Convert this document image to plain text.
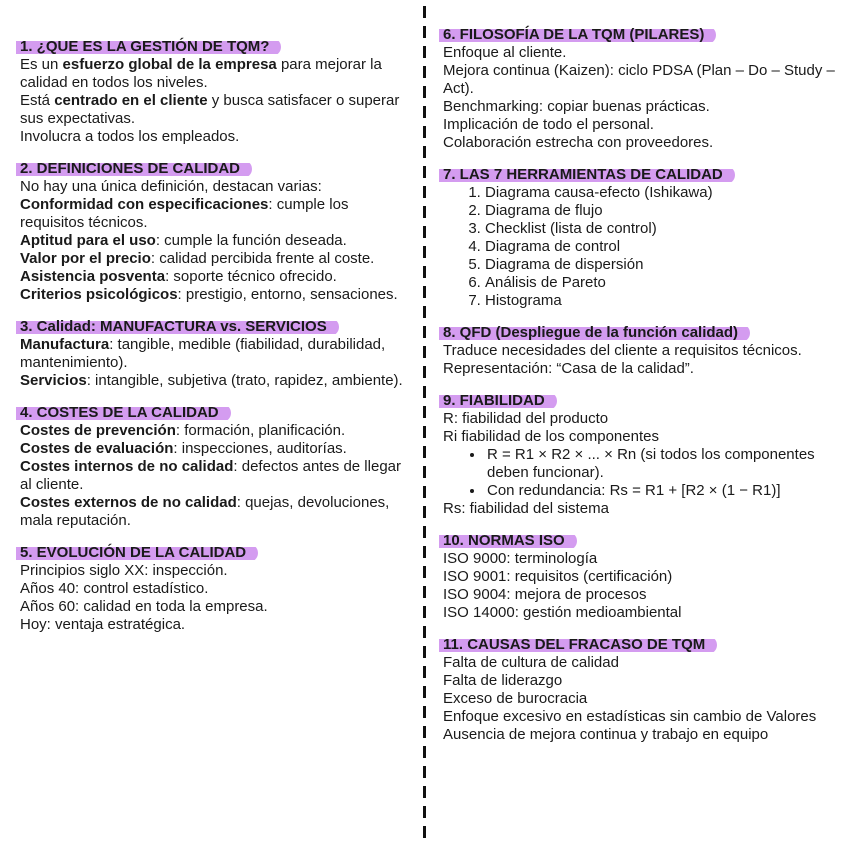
1. ¿QUE ES LA GESTIÓN DE TQM?

Es un esfuerzo global de la empresa para mejorar la calidad en todos los niveles.

Está centrado en el cliente y busca satisfacer o superar sus expectativas.

Involucra a todos los empleados.

2. DEFINICIONES DE CALIDAD

No hay una única definición, destacan varias:

Conformidad con especificaciones: cumple los requisitos técnicos.

Aptitud para el uso: cumple la función deseada.

Valor por el precio: calidad percibida frente al coste.

Asistencia posventa: soporte técnico ofrecido.

Criterios psicológicos: prestigio, entorno, sensaciones.

3. Calidad: MANUFACTURA vs. SERVICIOS

Manufactura: tangible, medible (fiabilidad, durabilidad, mantenimiento).

Servicios: intangible, subjetiva (trato, rapidez, ambiente).

4. COSTES DE LA CALIDAD

Costes de prevención: formación, planificación.

Costes de evaluación: inspecciones, auditorías.

Costes internos de no calidad: defectos antes de llegar al cliente.

Costes externos de no calidad: quejas, devoluciones, mala reputación.

5. EVOLUCIÓN DE LA CALIDAD

Principios siglo XX: inspección.

Años 40: control estadístico.

Años 60: calidad en toda la empresa.

Hoy: ventaja estratégica.

6. FILOSOFÍA DE LA TQM (PILARES)

Enfoque al cliente.

Mejora continua (Kaizen): ciclo PDSA (Plan – Do – Study – Act).

Benchmarking: copiar buenas prácticas.

Implicación de todo el personal.

Colaboración estrecha con proveedores.

7. LAS 7 HERRAMIENTAS DE CALIDAD
1. Diagrama causa-efecto (Ishikawa)
2. Diagrama de flujo
3. Checklist (lista de control)
4. Diagrama de control
5. Diagrama de dispersión
6. Análisis de Pareto
7. Histograma
8. QFD (Despliegue de la función calidad)

Traduce necesidades del cliente a requisitos técnicos.

Representación: “Casa de la calidad”.

9. FIABILIDAD

R: fiabilidad del producto

Ri fiabilidad de los componentes

• R = R1 × R2 × ... × Rn (si todos los componentes deben funcionar).
• Con redundancia: Rs = R1 + [R2 × (1 − R1)]

Rs: fiabilidad del sistema

10. NORMAS ISO

ISO 9000: terminología

ISO 9001: requisitos (certificación)

ISO 9004: mejora de procesos

ISO 14000: gestión medioambiental

11. CAUSAS DEL FRACASO DE TQM

Falta de cultura de calidad

Falta de liderazgo

Exceso de burocracia

Enfoque excesivo en estadísticas sin cambio de Valores

Ausencia de mejora continua y trabajo en equipo
